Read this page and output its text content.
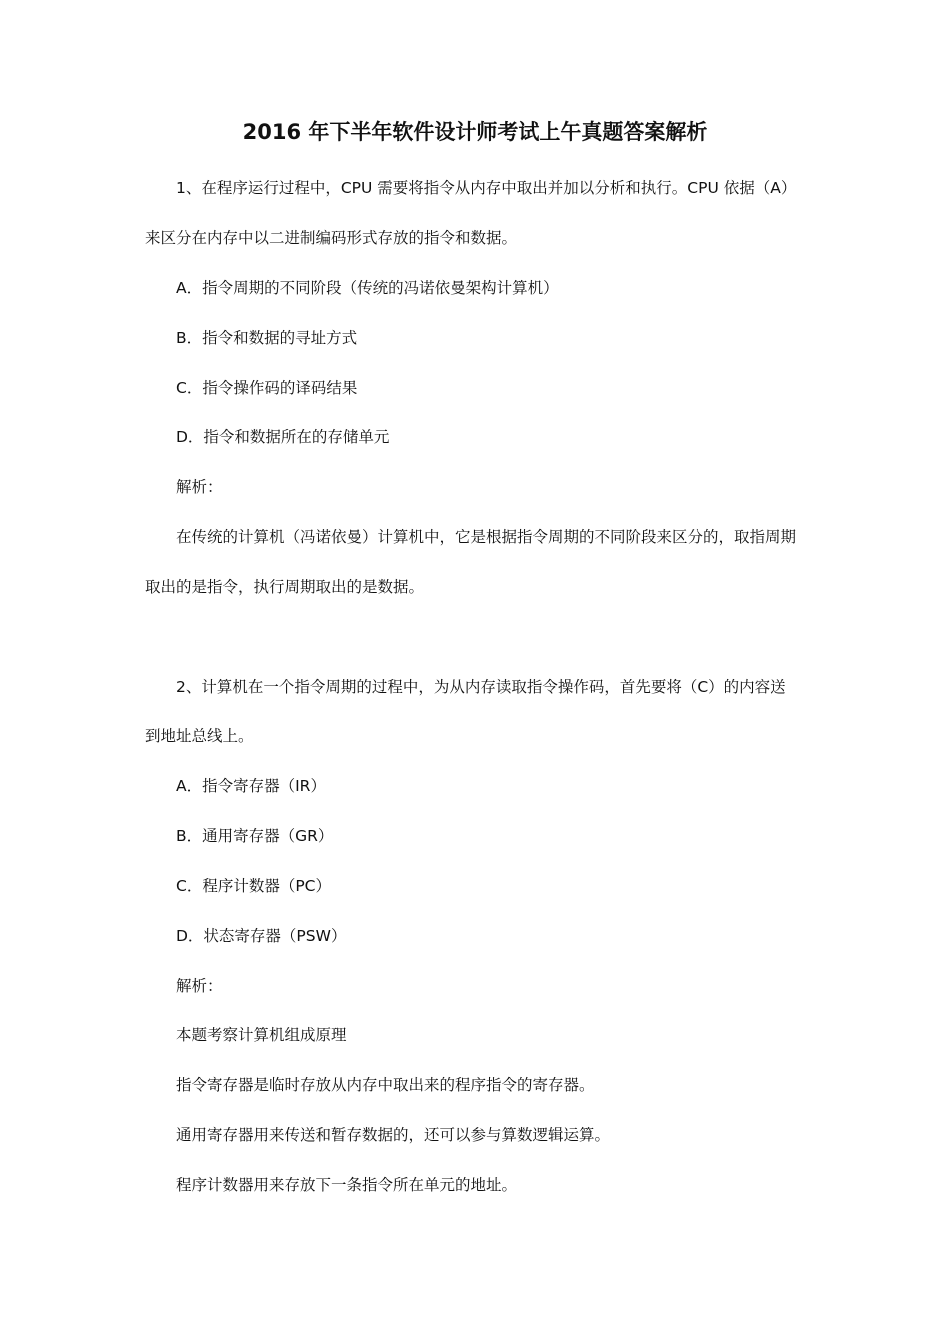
2016 年下半年软件设计师考试上午真题答案解析
1、在程序运行过程中，CPU 需要将指令从内存中取出并加以分析和执行。CPU 依据（A）
来区分在内存中以二进制编码形式存放的指令和数据。
A．指令周期的不同阶段（传统的冯诺依曼架构计算机）
B．指令和数据的寻址方式
C．指令操作码的译码结果
D．指令和数据所在的存储单元
解析：
在传统的计算机（冯诺依曼）计算机中，它是根据指令周期的不同阶段来区分的，取指周期
取出的是指令，执行周期取出的是数据。
2、计算机在一个指令周期的过程中，为从内存读取指令操作码，首先要将（C）的内容送
到地址总线上。
A．指令寄存器（IR）
B．通用寄存器（GR）
C．程序计数器（PC）
D．状态寄存器（PSW）
解析：
本题考察计算机组成原理
指令寄存器是临时存放从内存中取出来的程序指令的寄存器。
通用寄存器用来传送和暂存数据的，还可以参与算数逻辑运算。
程序计数器用来存放下一条指令所在单元的地址。
